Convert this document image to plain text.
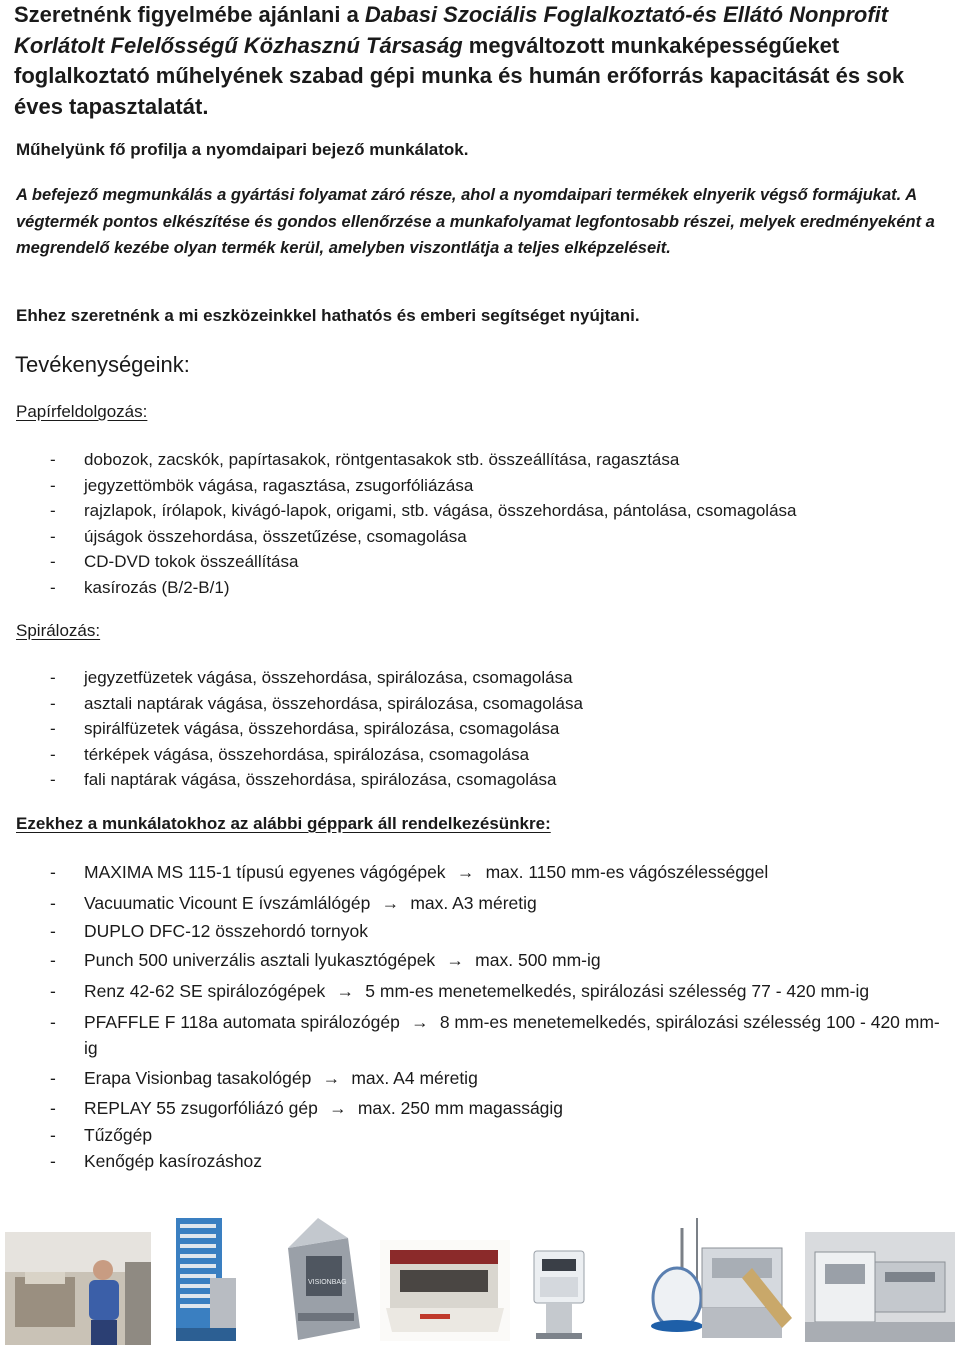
Szeretnénk figyelmébe ajánlani a Dabasi Szociális Foglalkoztató-és Ellátó Nonprofit Korlátolt Felelősségű Közhasznú Társaság megváltozott munkaképességűeket foglalkoztató műhelyének szabad gépi munka és humán erőforrás kapacitását és sok éves tapasztalatát.
Műhelyünk fő profilja a nyomdaipari bejező munkálatok.
A befejező megmunkálás a gyártási folyamat záró része, ahol a nyomdaipari termékek elnyerik végső formájukat. A végtermék pontos elkészítése és gondos ellenőrzése a munkafolyamat legfontosabb részei, melyek eredményeként a megrendelő kezébe olyan termék kerül, amelyben viszontlátja a teljes elképzeléseit.
Ehhez szeretnénk a mi eszközeinkkel hathatós és emberi segítséget nyújtani.
Tevékenységeink:
Papírfeldolgozás:
- dobozok, zacskók, papírtasakok, röntgentasakok stb. összeállítása, ragasztása
- jegyzettömbök vágása, ragasztása, zsugorfóliázása
- rajzlapok, írólapok, kivágó-lapok, origami, stb. vágása, összehordása, pántolása, csomagolása
- újságok összehordása, összetűzése, csomagolása
- CD-DVD tokok összeállítása
- kasírozás (B/2-B/1)
Spirálozás:
- jegyzetfüzetek vágása, összehordása, spirálozása, csomagolása
- asztali naptárak vágása, összehordása, spirálozása, csomagolása
- spirálfüzetek vágása, összehordása, spirálozása, csomagolása
- térképek vágása, összehordása, spirálozása, csomagolása
- fali naptárak vágása, összehordása, spirálozása, csomagolása
Ezekhez a munkálatokhoz az alábbi géppark áll rendelkezésünkre:
- MAXIMA MS 115-1 típusú egyenes vágógépek → max. 1150 mm-es vágószélességgel
- Vacuumatic Vicount E ívszámlálógép → max. A3 méretig
- DUPLO DFC-12 összehordó tornyok
- Punch 500 univerzális asztali lyukasztógépek → max. 500 mm-ig
- Renz 42-62 SE spirálozógépek → 5 mm-es menetemelkedés, spirálozási szélesség 77 - 420 mm-ig
- PFAFFLE F 118a automata spirálozógép → 8 mm-es menetemelkedés, spirálozási szélesség 100 - 420 mm-ig
- Erapa Visionbag tasakológép → max. A4 méretig
- REPLAY 55 zsugorfóliázó gép → max. 250 mm magasságig
- Tűzőgép
- Kenőgép kasírozáshoz
VISIONBAG
